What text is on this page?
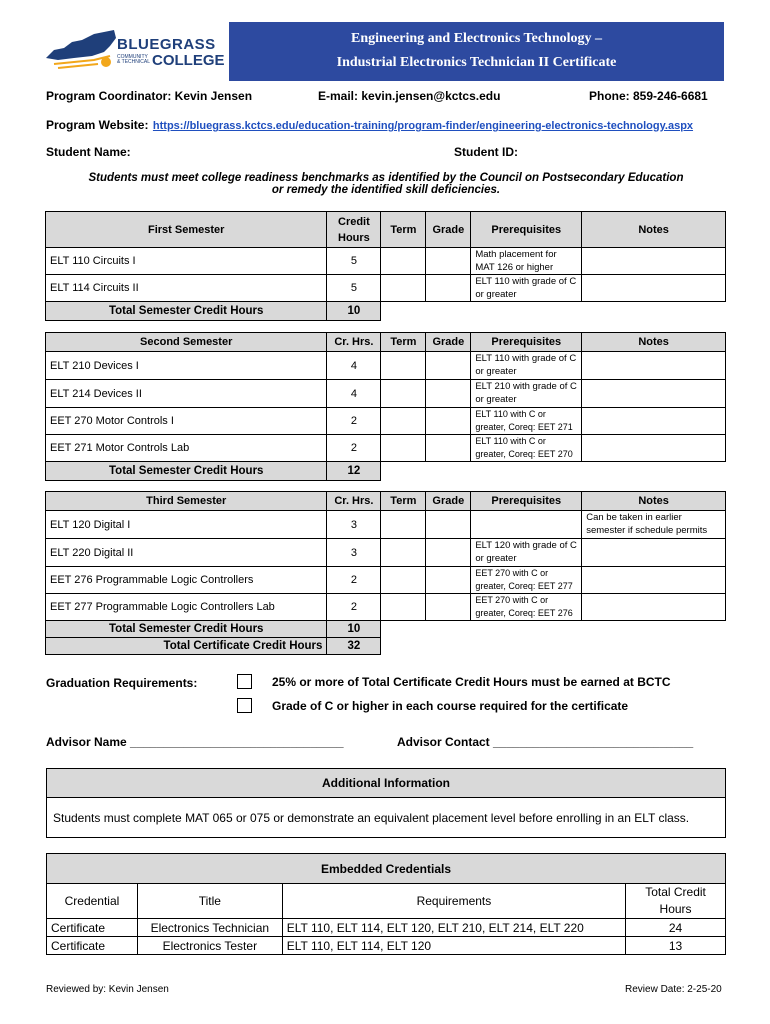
BLUEGRASS
COMMUNITY & TECHNICAL COLLEGE
Engineering and Electronics Technology –
Industrial Electronics Technician II Certificate
Program Coordinator: Kevin Jensen	E-mail: kevin.jensen@kctcs.edu	Phone: 859-246-6681
Program Website: https://bluegrass.kctcs.edu/education-training/program-finder/engineering-electronics-technology.aspx
Student Name:	Student ID:
Students must meet college readiness benchmarks as identified by the Council on Postsecondary Education
or remedy the identified skill deficiencies.
First Semester	Credit
Hours	Term	Grade	Prerequisites	Notes
ELT 110 Circuits I	5			Math placement for MAT 126 or higher	
ELT 114 Circuits II	5			ELT 110 with grade of C or greater	
Total Semester Credit Hours	10				
Second Semester	Cr. Hrs.	Term	Grade	Prerequisites	Notes
ELT 210 Devices I	4			ELT 110 with grade of C or greater	
ELT 214 Devices II	4			ELT 210 with grade of C or greater	
EET 270 Motor Controls I	2			ELT 110 with C or greater, Coreq: EET 271	
EET 271 Motor Controls Lab	2			ELT 110 with C or greater, Coreq: EET 270	
Total Semester Credit Hours	12				
Third Semester	Cr. Hrs.	Term	Grade	Prerequisites	Notes
ELT 120 Digital I	3				Can be taken in earlier semester if schedule permits
ELT 220 Digital II	3			ELT 120 with grade of C or greater	
EET 276 Programmable Logic Controllers	2			EET 270 with C or greater, Coreq: EET 277	
EET 277 Programmable Logic Controllers Lab	2			EET 270 with C or greater, Coreq: EET 276	
Total Semester Credit Hours	10				
Total Certificate Credit Hours	32				
Graduation Requirements:	25% or more of Total Certificate Credit Hours must be earned at BCTC
Grade of C or higher in each course required for the certificate
Advisor Name ________________________________	Advisor Contact ______________________________
Additional Information
Students must complete MAT 065 or 075 or demonstrate an equivalent placement level before enrolling in an ELT class.
Embedded Credentials			
Credential	Title	Requirements	Total Credit
Hours

Certificate	Electronics Technician	ELT 110, ELT 114, ELT 120, ELT 210, ELT 214, ELT 220	24
Certificate	Electronics Tester	ELT 110, ELT 114, ELT 120	13
Reviewed by: Kevin Jensen	Review Date: 2-25-20
